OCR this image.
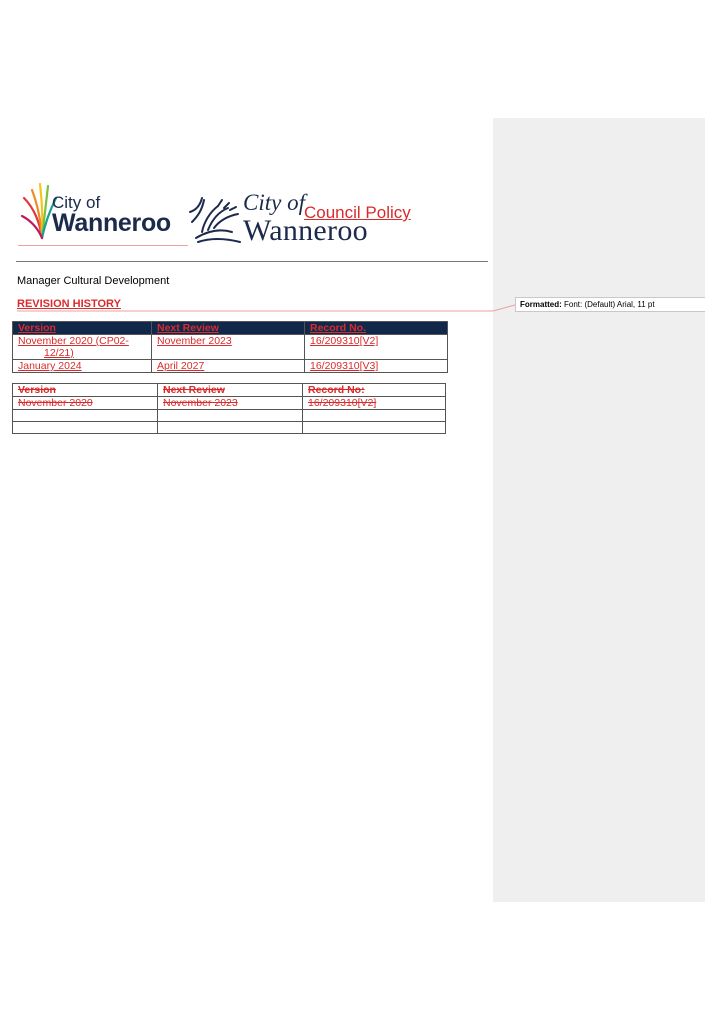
City of
Wanneroo
City of
Wanneroo
Council Policy
Manager Cultural Development
REVISION HISTORY	Formatted: Font: (Default) Arial, 11 pt
Version	Next Review	Record No.
November 2020 (CP02-
12/21)	November 2023	16/209310[V2]
January 2024	April 2027	16/209310[V3]
Version	Next Review	Record No:
November 2020	November 2023	16/209310[V2]
